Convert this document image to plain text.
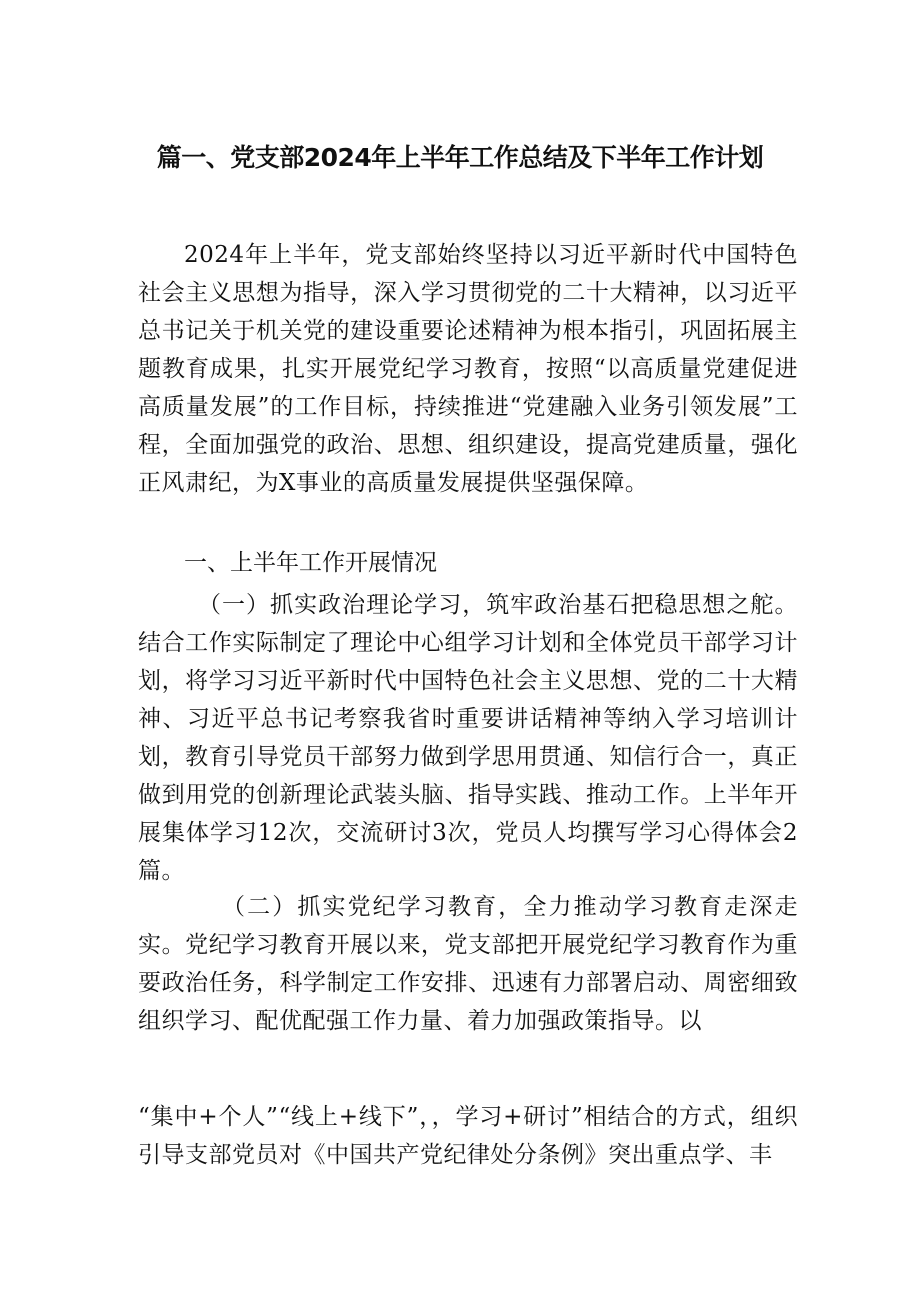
篇一、党支部2024年上半年工作总结及下半年工作计划
2024年上半年，党支部始终坚持以习近平新时代中国特色社会主义思想为指导，深入学习贯彻党的二十大精神，以习近平总书记关于机关党的建设重要论述精神为根本指引，巩固拓展主题教育成果，扎实开展党纪学习教育，按照“以高质量党建促进高质量发展”的工作目标，持续推进“党建融入业务引领发展”工程，全面加强党的政治、思想、组织建设，提高党建质量，强化正风肃纪，为X事业的高质量发展提供坚强保障。
一、上半年工作开展情况
（一）抓实政治理论学习，筑牢政治基石把稳思想之舵。结合工作实际制定了理论中心组学习计划和全体党员干部学习计划，将学习习近平新时代中国特色社会主义思想、党的二十大精神、习近平总书记考察我省时重要讲话精神等纳入学习培训计划，教育引导党员干部努力做到学思用贯通、知信行合一，真正做到用党的创新理论武装头脑、指导实践、推动工作。上半年开展集体学习12次，交流研讨3次，党员人均撰写学习心得体会2篇。
（二）抓实党纪学习教育，全力推动学习教育走深走实。党纪学习教育开展以来，党支部把开展党纪学习教育作为重要政治任务，科学制定工作安排、迅速有力部署启动、周密细致组织学习、配优配强工作力量、着力加强政策指导。以
“集中+个人”“线上+线下”，，学习+研讨”相结合的方式，组织引导支部党员对《中国共产党纪律处分条例》突出重点学、丰
